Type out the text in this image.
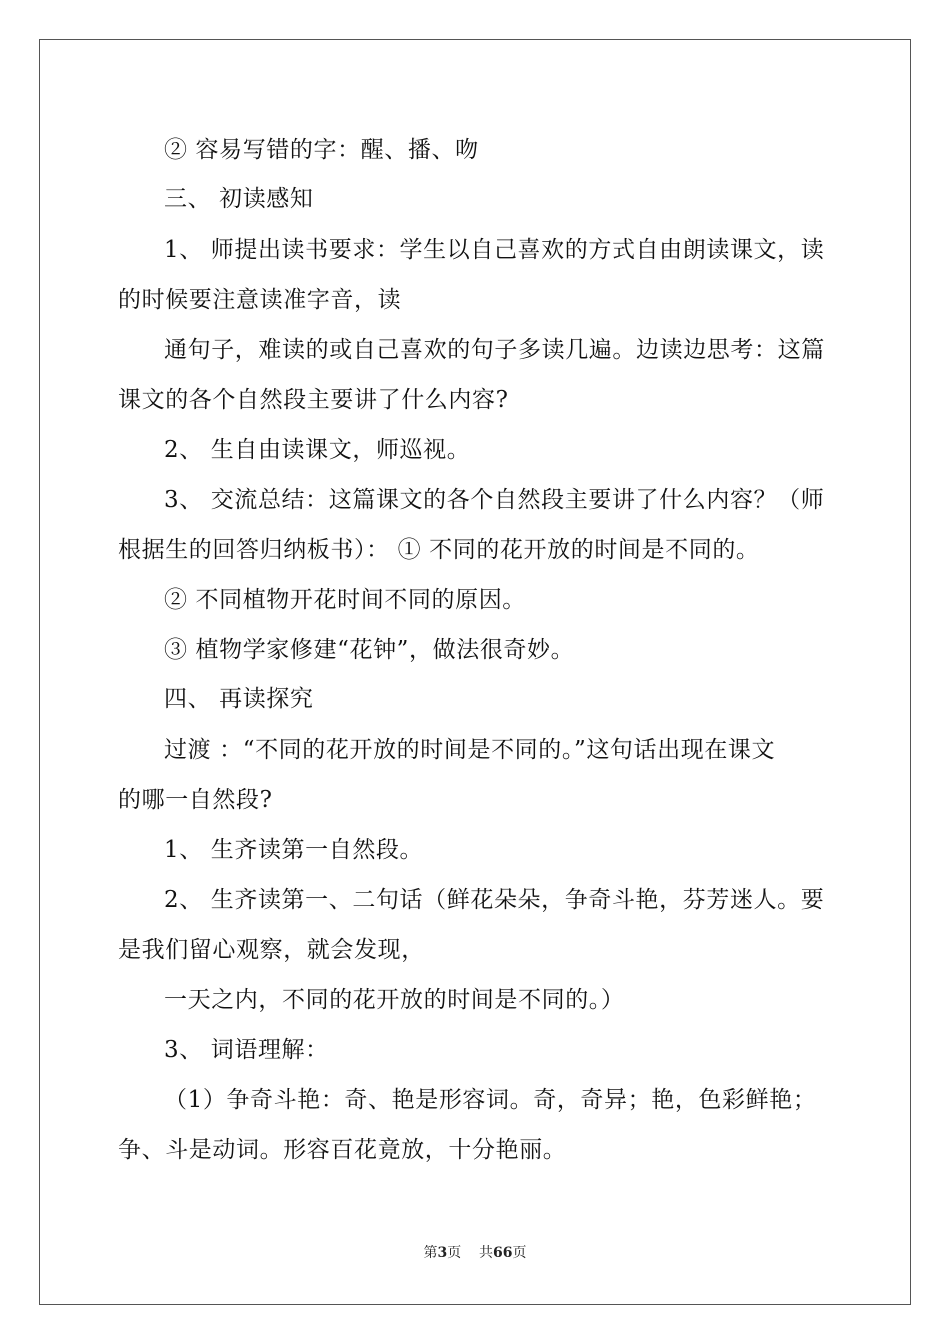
② 容易写错的字：醒、播、吻
三、 初读感知
1、 师提出读书要求：学生以自己喜欢的方式自由朗读课文，读
的时候要注意读准字音，读
通句子，难读的或自己喜欢的句子多读几遍。边读边思考：这篇
课文的各个自然段主要讲了什么内容?
2、 生自由读课文，师巡视。
3、 交流总结：这篇课文的各个自然段主要讲了什么内容？（师
根据生的回答归纳板书）： ① 不同的花开放的时间是不同的。
② 不同植物开花时间不同的原因。
③ 植物学家修建“花钟”，做法很奇妙。
四、 再读探究
过渡 ：“不同的花开放的时间是不同的。”这句话出现在课文
的哪一自然段?
1、 生齐读第一自然段。
2、 生齐读第一、二句话（鲜花朵朵，争奇斗艳，芬芳迷人。要
是我们留心观察，就会发现，
一天之内，不同的花开放的时间是不同的。）
3、 词语理解：
（1）争奇斗艳：奇、艳是形容词。奇，奇异；艳，色彩鲜艳；
争、斗是动词。形容百花竟放，十分艳丽。
第3页 共66页
